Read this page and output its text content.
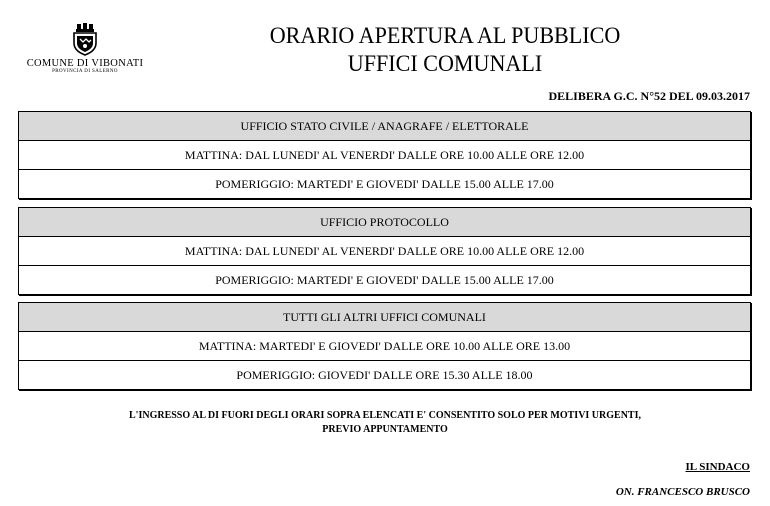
COMUNE DI VIBONATI
PROVINCIA DI SALERNO
ORARIO APERTURA AL PUBBLICO
UFFICI COMUNALI
DELIBERA G.C. N°52 DEL 09.03.2017
UFFICIO STATO CIVILE / ANAGRAFE / ELETTORALE
MATTINA: DAL LUNEDI' AL VENERDI' DALLE ORE 10.00 ALLE ORE 12.00
POMERIGGIO: MARTEDI' E GIOVEDI' DALLE 15.00 ALLE 17.00
UFFICIO PROTOCOLLO
MATTINA: DAL LUNEDI' AL VENERDI' DALLE ORE 10.00 ALLE ORE 12.00
POMERIGGIO: MARTEDI' E GIOVEDI' DALLE 15.00 ALLE 17.00
TUTTI GLI ALTRI UFFICI COMUNALI
MATTINA: MARTEDI' E GIOVEDI' DALLE ORE 10.00 ALLE ORE 13.00
POMERIGGIO: GIOVEDI' DALLE ORE 15.30 ALLE 18.00
L'INGRESSO AL DI FUORI DEGLI ORARI SOPRA ELENCATI E' CONSENTITO SOLO PER MOTIVI URGENTI,
PREVIO APPUNTAMENTO
IL SINDACO
ON. FRANCESCO BRUSCO
